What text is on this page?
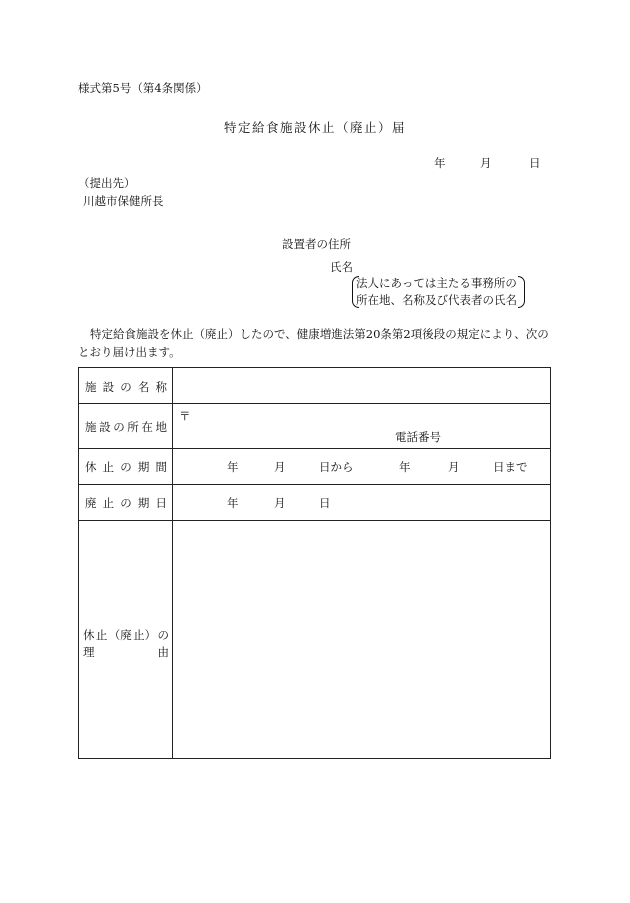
様式第5号（第4条関係）
特定給食施設休止（廃止）届
年	月	日
（提出先）
川越市保健所長
設置者の住所
氏名
法人にあっては主たる事務所の
所在地、名称及び代表者の氏名
特定給食施設を休止（廃止）したので、健康増進法第20条第2項後段の規定により、次のとおり届け出ます。
施 設 の 名 称
施 設 の 所 在 地
〒
電話番号
休 止 の 期 間	年	月	日から	年	月	日まで
廃 止 の 期 日	年	月	日
休 止 （廃 止） の
理	由
